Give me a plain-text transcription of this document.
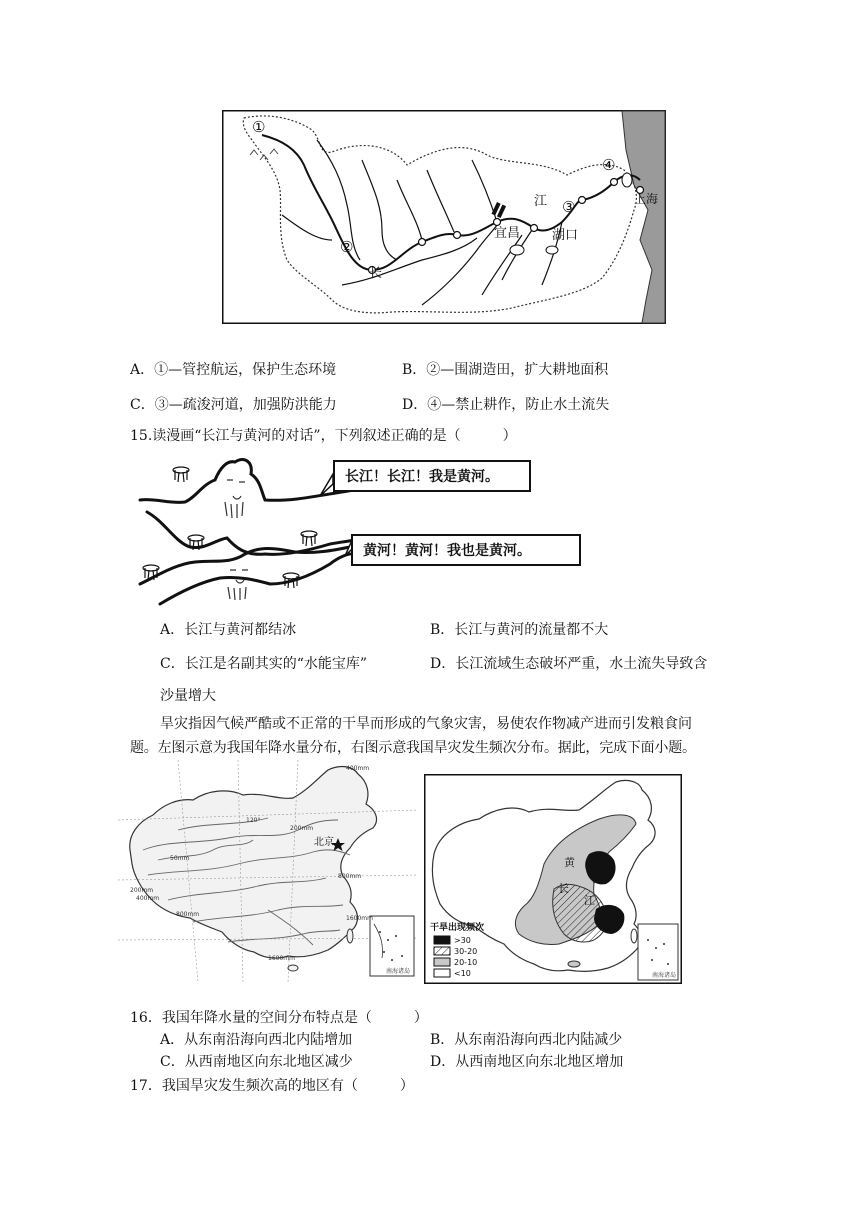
①
②
③
④
江
长
宜昌 湖口
上海
A．①—管控航运，保护生态环境	B．②—围湖造田，扩大耕地面积
C．③—疏浚河道，加强防洪能力	D．④—禁止耕作，防止水土流失
15.读漫画“长江与黄河的对话”，下列叙述正确的是（　　　）
长江！长江！我是黄河。
黄河！黄河！我也是黄河。
A．长江与黄河都结冰	B．长江与黄河的流量都不大
C．长江是名副其实的“水能宝库”	D．长江流域生态破坏严重，水土流失导致含
沙量增大
旱灾指因气候严酷或不正常的干旱而形成的气象灾害，易使农作物减产进而引发粮食问
题。左图示意为我国年降水量分布，右图示意我国旱灾发生频次分布。据此，完成下面小题。
400mm
200mm
50mm
200mm
400mm
800mm
800mm
1600mm
1600mm
120°
南海诸岛
北京
南海诸岛
干旱出现频次
>30
30-20
20-10
<10
黄
河
长
江
16．我国年降水量的空间分布特点是（　　　）
A．从东南沿海向西北内陆增加	B．从东南沿海向西北内陆减少
C．从西南地区向东北地区减少	D．从西南地区向东北地区增加
17．我国旱灾发生频次高的地区有（　　　）
